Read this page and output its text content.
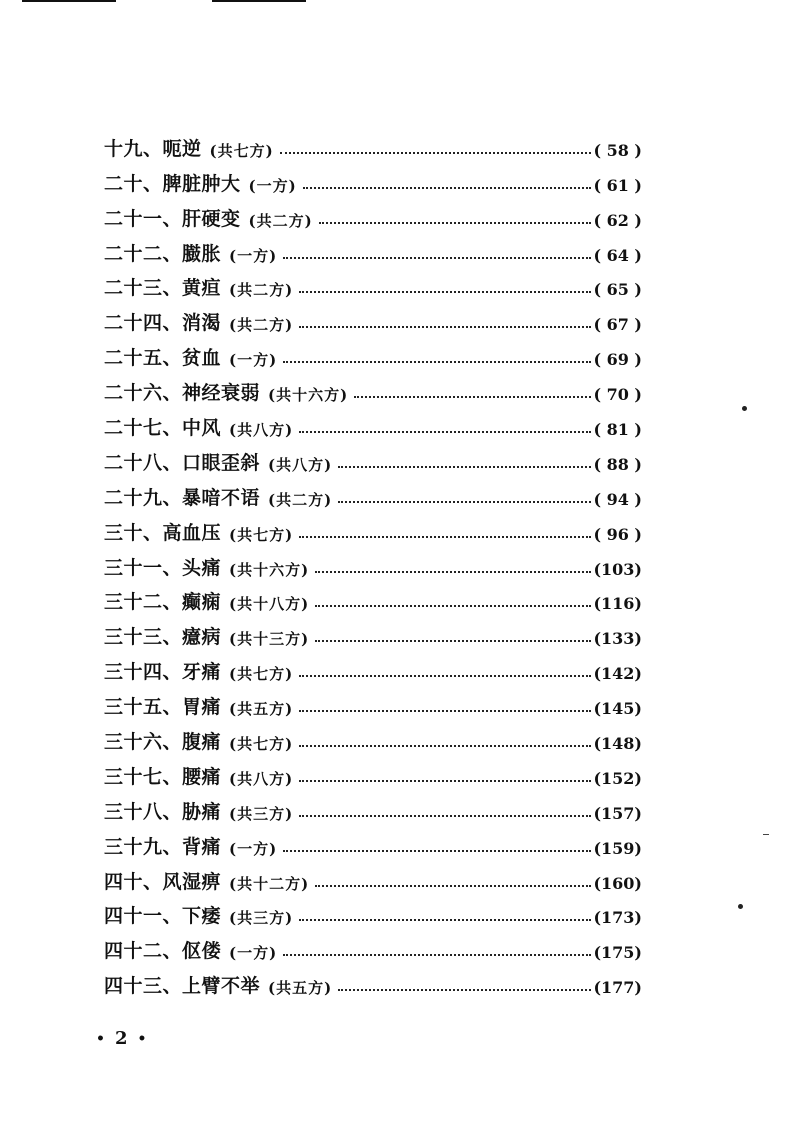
十九、呃逆 (共七方)	( 58 )
二十、脾脏肿大 (一方)	( 61 )
二十一、肝硬变 (共二方)	( 62 )
二十二、臌胀 (一方)	( 64 )
二十三、黄疸 (共二方)	( 65 )
二十四、消渴 (共二方)	( 67 )
二十五、贫血 (一方)	( 69 )
二十六、神经衰弱 (共十六方)	( 70 )
二十七、中风 (共八方)	( 81 )
二十八、口眼歪斜 (共八方)	( 88 )
二十九、暴喑不语 (共二方)	( 94 )
三十、高血压 (共七方)	( 96 )
三十一、头痛 (共十六方)	(103)
三十二、癫痫 (共十八方)	(116)
三十三、癔病 (共十三方)	(133)
三十四、牙痛 (共七方)	(142)
三十五、胃痛 (共五方)	(145)
三十六、腹痛 (共七方)	(148)
三十七、腰痛 (共八方)	(152)
三十八、胁痛 (共三方)	(157)
三十九、背痛 (一方)	(159)
四十、风湿痹 (共十二方)	(160)
四十一、下痿 (共三方)	(173)
四十二、伛偻 (一方)	(175)
四十三、上臂不举 (共五方)	(177)
• 2 •
